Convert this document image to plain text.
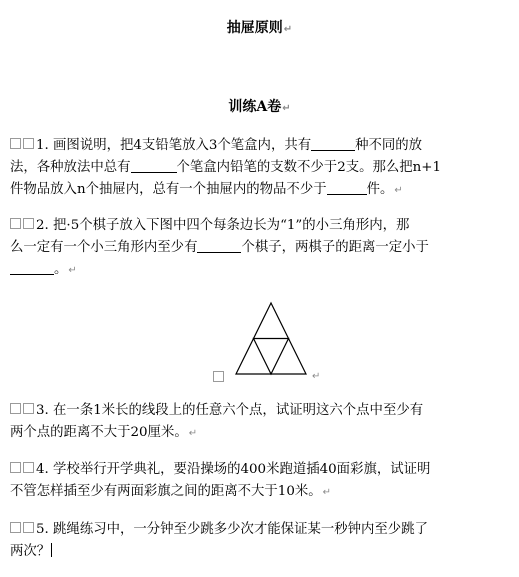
抽屉原则↵
训练A卷↵
1. 画图说明，把4支铅笔放入3个笔盒内，共有	种不同的放
法，各种放法中总有	个笔盒内铅笔的支数不少于2支。那么把n+1
件物品放入n个抽屉内，总有一个抽屉内的物品不少于	件。↵
2. 把·5个棋子放入下图中四个每条边长为“1”的小三角形内，那
么一定有一个小三角形内至少有	个棋子，两棋子的距离一定小于
。↵
↵
3. 在一条1米长的线段上的任意六个点，试证明这六个点中至少有
两个点的距离不大于20厘米。↵
4. 学校举行开学典礼，要沿操场的400米跑道插40面彩旗，试证明
不管怎样插至少有两面彩旗之间的距离不大于10米。↵
5. 跳绳练习中，一分钟至少跳多少次才能保证某一秒钟内至少跳了
两次？
